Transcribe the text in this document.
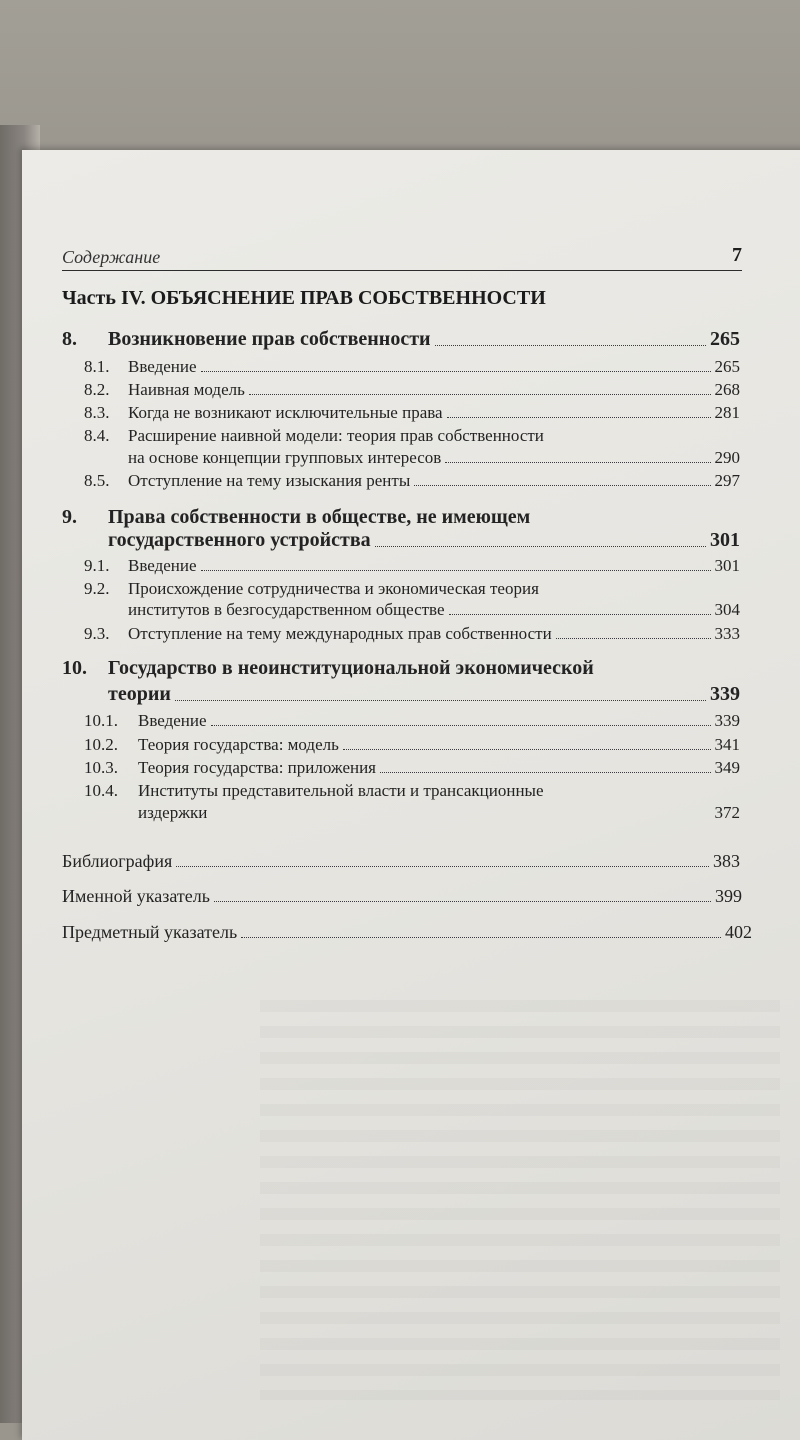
Содержание	7
Часть IV. ОБЪЯСНЕНИЕ ПРАВ СОБСТВЕННОСТИ
8.	Возникновение прав собственности	265
8.1.	Введение	265
8.2.	Наивная модель	268
8.3.	Когда не возникают исключительные права	281
8.4. Расширение наивной модели: теория прав собственности
на основе концепции групповых интересов	290
8.5.	Отступление на тему изыскания ренты	297
9. Права собственности в обществе, не имеющем
государственного устройства	301
9.1.	Введение	301
9.2. Происхождение сотрудничества и экономическая теория
институтов в безгосударственном обществе	304
9.3.	Отступление на тему международных прав собственности	333
10. Государство в неоинституциональной экономической
теории	339
10.1.	Введение	339
10.2.	Теория государства: модель	341
10.3.	Теория государства: приложения	349
10.4. Институты представительной власти и трансакционные
издержки	372
Библиография	383
Именной указатель	399
Предметный указатель	402
